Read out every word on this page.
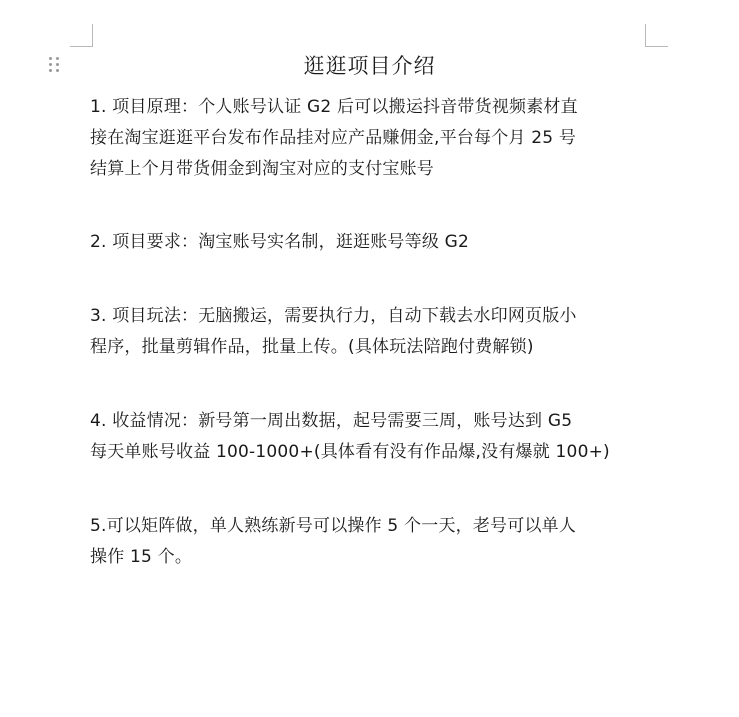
逛逛项目介绍

1. 项目原理：个人账号认证 G2 后可以搬运抖音带货视频素材直
接在淘宝逛逛平台发布作品挂对应产品赚佣金,平台每个月 25 号
结算上个月带货佣金到淘宝对应的支付宝账号

2. 项目要求：淘宝账号实名制，逛逛账号等级 G2

3. 项目玩法：无脑搬运，需要执行力，自动下载去水印网页版小
程序，批量剪辑作品，批量上传。(具体玩法陪跑付费解锁)

4. 收益情况：新号第一周出数据，起号需要三周，账号达到 G5
每天单账号收益 100-1000+(具体看有没有作品爆,没有爆就 100+)

5.可以矩阵做，单人熟练新号可以操作 5 个一天，老号可以单人
操作 15 个。
